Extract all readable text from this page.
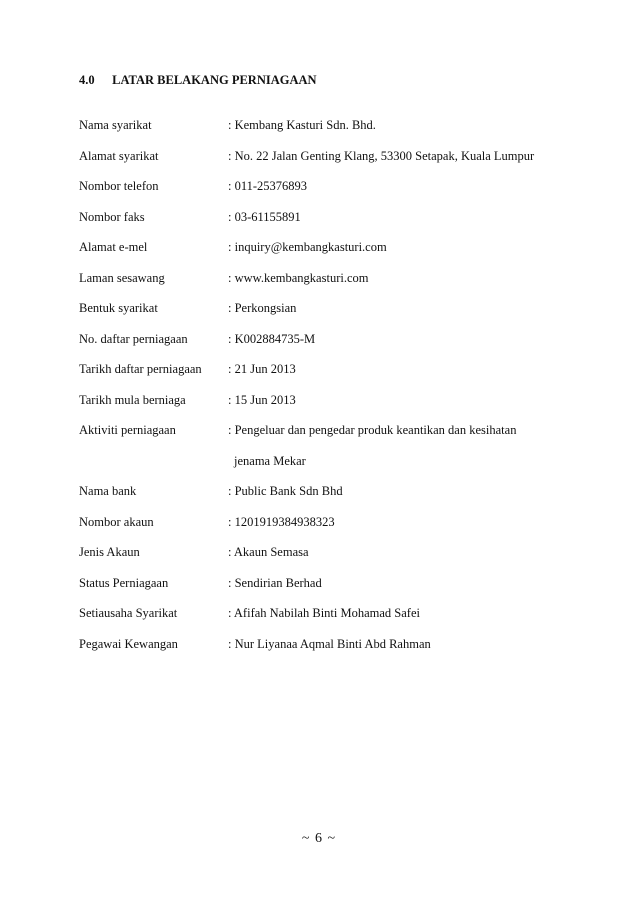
4.0 LATAR BELAKANG PERNIAGAAN
Nama syarikat	: Kembang Kasturi Sdn. Bhd.
Alamat syarikat	: No. 22 Jalan Genting Klang, 53300 Setapak, Kuala Lumpur
Nombor telefon	: 011-25376893
Nombor faks	: 03-61155891
Alamat e-mel	: inquiry@kembangkasturi.com
Laman sesawang	: www.kembangkasturi.com
Bentuk syarikat	: Perkongsian
No. daftar perniagaan	: K002884735-M
Tarikh daftar perniagaan : 21 Jun 2013
Tarikh mula berniaga	: 15 Jun 2013
Aktiviti perniagaan	: Pengeluar dan pengedar produk keantikan dan kesihatan
jenama Mekar
Nama bank	: Public Bank Sdn Bhd
Nombor akaun	: 1201919384938323
Jenis Akaun	: Akaun Semasa
Status Perniagaan	: Sendirian Berhad
Setiausaha Syarikat	: Afifah Nabilah Binti Mohamad Safei
Pegawai Kewangan	: Nur Liyanaa Aqmal Binti Abd Rahman
~ 6 ~
